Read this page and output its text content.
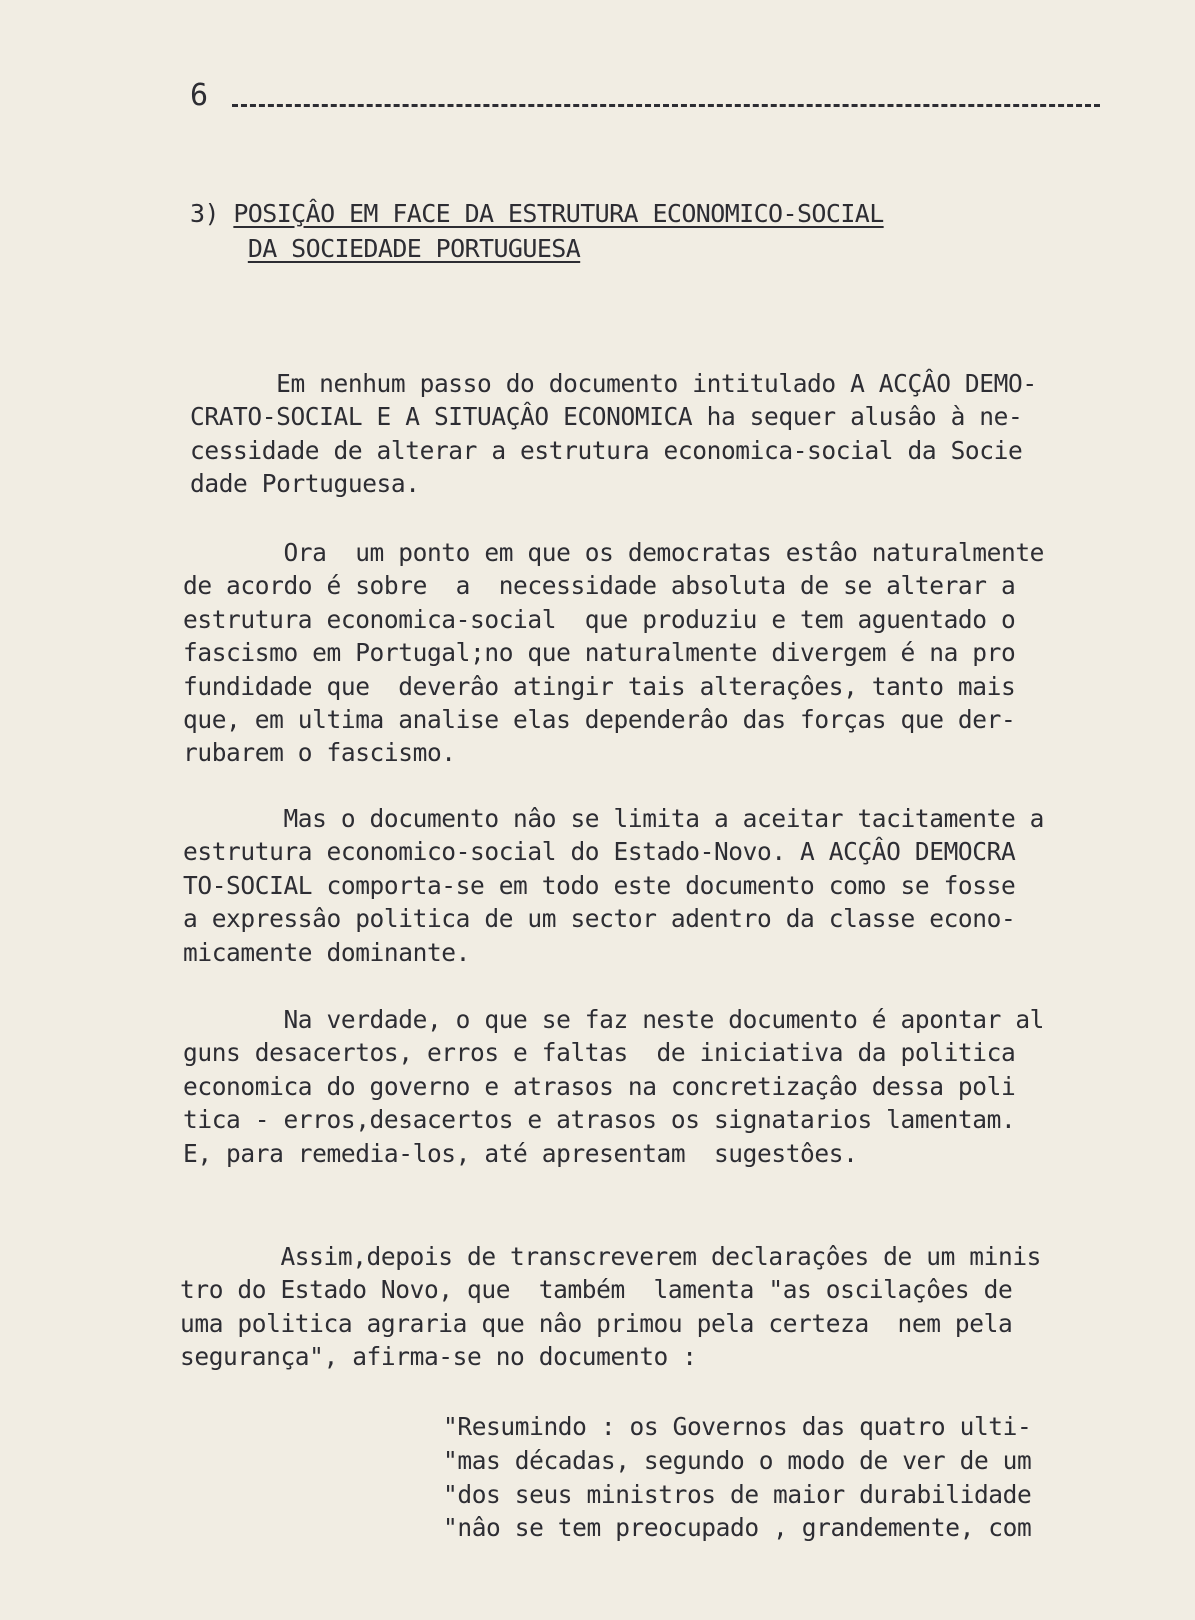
6
3) POSIÇÂO EM FACE DA ESTRUTURA ECONOMICO-SOCIAL
DA SOCIEDADE PORTUGUESA

Em nenhum passo do documento intitulado A ACÇÂO DEMO-
CRATO-SOCIAL E A SITUAÇÂO ECONOMICA ha sequer alusâo à ne-
cessidade de alterar a estrutura economica-social da Socie
dade Portuguesa.

Ora  um ponto em que os democratas estâo naturalmente
de acordo é sobre  a  necessidade absoluta de se alterar a
estrutura economica-social  que produziu e tem aguentado o
fascismo em Portugal;no que naturalmente divergem é na pro
fundidade que  deverâo atingir tais alteraçôes, tanto mais
que, em ultima analise elas dependerâo das forças que der-
rubarem o fascismo.

Mas o documento nâo se limita a aceitar tacitamente a
estrutura economico-social do Estado-Novo. A ACÇÂO DEMOCRA
TO-SOCIAL comporta-se em todo este documento como se fosse
a expressâo politica de um sector adentro da classe econo-
micamente dominante.

Na verdade, o que se faz neste documento é apontar al
guns desacertos, erros e faltas  de iniciativa da politica
economica do governo e atrasos na concretizaçâo dessa poli
tica - erros,desacertos e atrasos os signatarios lamentam.
E, para remedia-los, até apresentam  sugestôes.

Assim,depois de transcreverem declaraçôes de um minis
tro do Estado Novo, que  também  lamenta "as oscilaçôes de
uma politica agraria que nâo primou pela certeza  nem pela
segurança", afirma-se no documento :

"Resumindo : os Governos das quatro ulti-
"mas décadas, segundo o modo de ver de um
"dos seus ministros de maior durabilidade
"nâo se tem preocupado , grandemente, com
